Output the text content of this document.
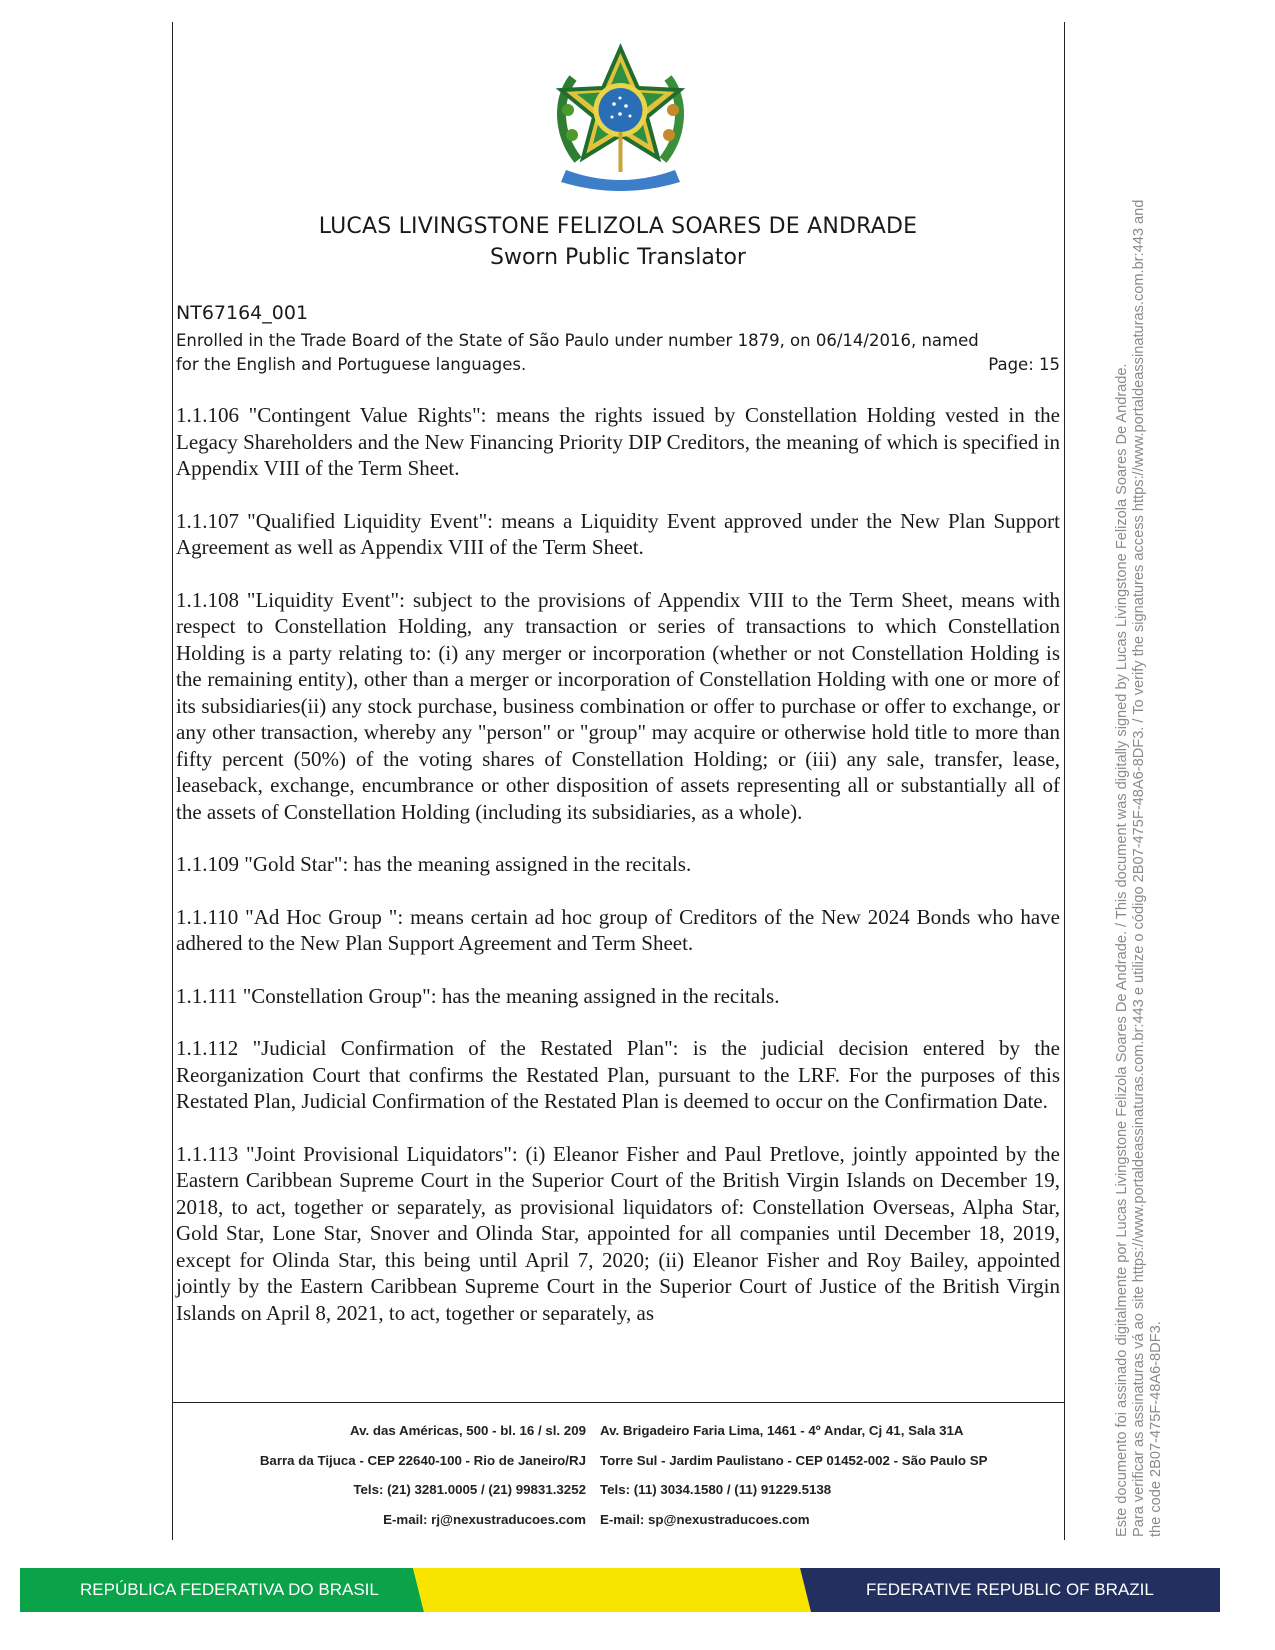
LUCAS LIVINGSTONE FELIZOLA SOARES DE ANDRADE
Sworn Public Translator
NT67164_001
Enrolled in the Trade Board of the State of São Paulo under number 1879, on 06/14/2016, named
for the English and Portuguese languages.	Page: 15

1.1.106 "Contingent Value Rights": means the rights issued by Constellation Holding vested in the Legacy Shareholders and the New Financing Priority DIP Creditors, the meaning of which is specified in Appendix VIII of the Term Sheet.

1.1.107 "Qualified Liquidity Event": means a Liquidity Event approved under the New Plan Support Agreement as well as Appendix VIII of the Term Sheet.

1.1.108 "Liquidity Event": subject to the provisions of Appendix VIII to the Term Sheet, means with respect to Constellation Holding, any transaction or series of transactions to which Constellation Holding is a party relating to: (i) any merger or incorporation (whether or not Constellation Holding is the remaining entity), other than a merger or incorporation of Constellation Holding with one or more of its subsidiaries(ii) any stock purchase, business combination or offer to purchase or offer to exchange, or any other transaction, whereby any "person" or "group" may acquire or otherwise hold title to more than fifty percent (50%) of the voting shares of Constellation Holding; or (iii) any sale, transfer, lease, leaseback, exchange, encumbrance or other disposition of assets representing all or substantially all of the assets of Constellation Holding (including its subsidiaries, as a whole).

1.1.109 "Gold Star": has the meaning assigned in the recitals.

1.1.110 "Ad Hoc Group ": means certain ad hoc group of Creditors of the New 2024 Bonds who have adhered to the New Plan Support Agreement and Term Sheet.

1.1.111 "Constellation Group": has the meaning assigned in the recitals.

1.1.112 "Judicial Confirmation of the Restated Plan": is the judicial decision entered by the Reorganization Court that confirms the Restated Plan, pursuant to the LRF. For the purposes of this Restated Plan, Judicial Confirmation of the Restated Plan is deemed to occur on the Confirmation Date.

1.1.113 "Joint Provisional Liquidators": (i) Eleanor Fisher and Paul Pretlove, jointly appointed by the Eastern Caribbean Supreme Court in the Superior Court of the British Virgin Islands on December 19, 2018, to act, together or separately, as provisional liquidators of: Constellation Overseas, Alpha Star, Gold Star, Lone Star, Snover and Olinda Star, appointed for all companies until December 18, 2019, except for Olinda Star, this being until April 7, 2020; (ii) Eleanor Fisher and Roy Bailey, appointed jointly by the Eastern Caribbean Supreme Court in the Superior Court of Justice of the British Virgin Islands on April 8, 2021, to act, together or separately, as

Av. das Américas, 500 - bl. 16 / sl. 209
Barra da Tijuca - CEP 22640-100 - Rio de Janeiro/RJ
Tels: (21) 3281.0005 / (21) 99831.3252
E-mail: rj@nexustraducoes.com
Av. Brigadeiro Faria Lima, 1461 - 4º Andar, Cj 41, Sala 31A
Torre Sul - Jardim Paulistano - CEP 01452-002 - São Paulo SP
Tels: (11) 3034.1580 / (11) 91229.5138
E-mail: sp@nexustraducoes.com	Este documento foi assinado digitalmente por Lucas Livingstone Felizola Soares De Andrade. / This document was digitally signed by Lucas Livingstone Felizola Soares De Andrade. Para verificar as assinaturas vá ao site https://www.portaldeassinaturas.com.br:443 e utilize o código 2B07-475F-48A6-8DF3. / To verify the signatures access https://www.portaldeassinaturas.com.br:443 and the code 2B07-475F-48A6-8DF3.
REPÚBLICA FEDERATIVA DO BRASIL	FEDERATIVE REPUBLIC OF BRAZIL
